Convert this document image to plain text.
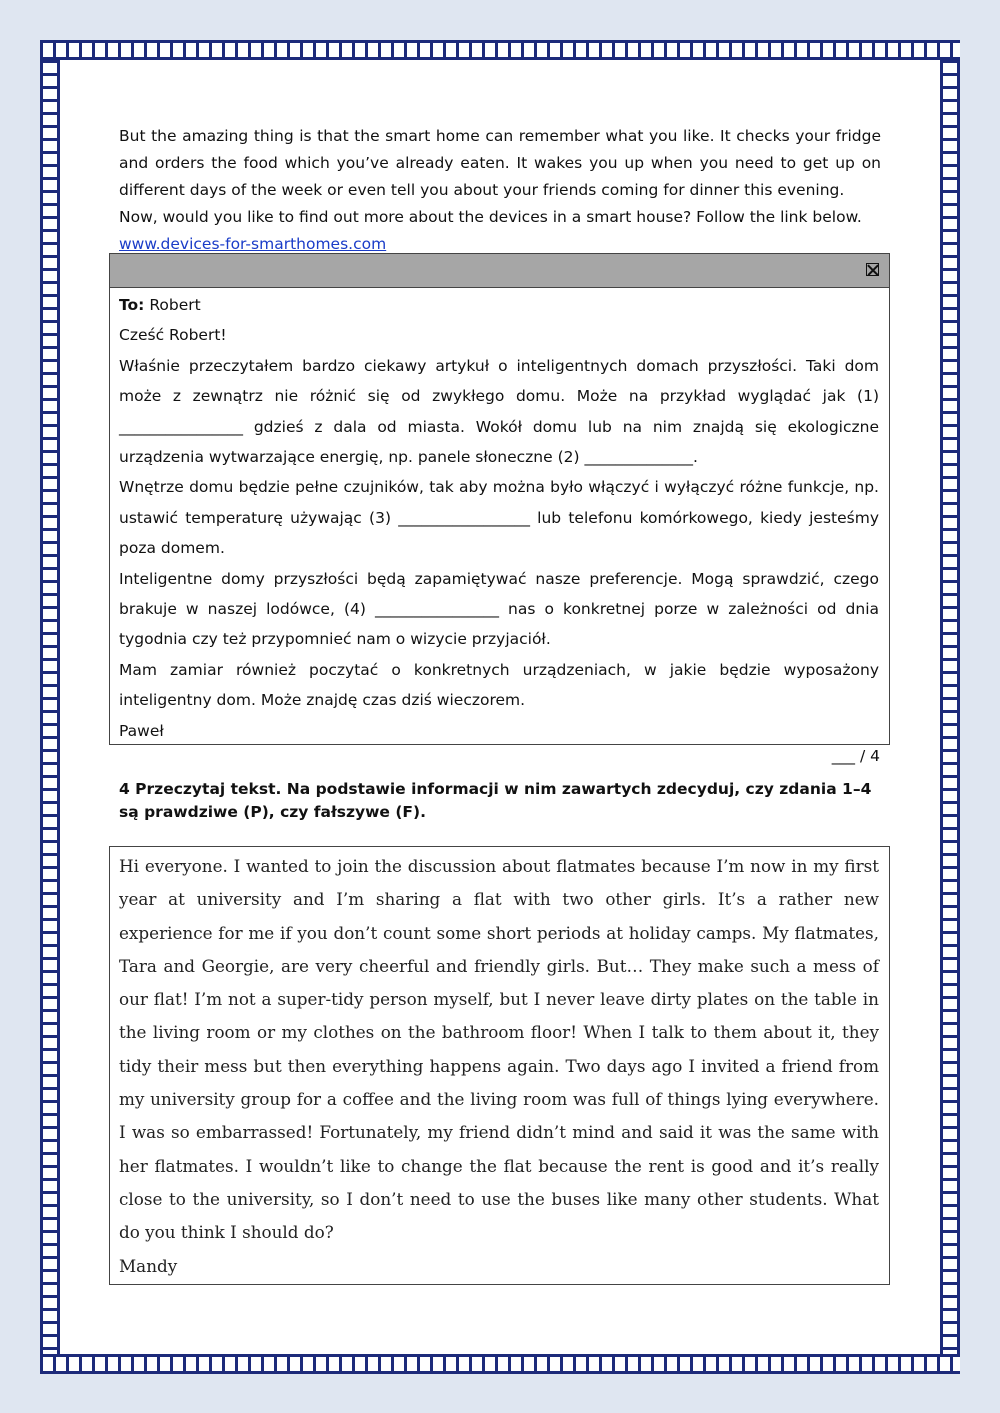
But the amazing thing is that the smart home can remember what you like. It checks your fridge and orders the food which you’ve already eaten. It wakes you up when you need to get up on different days of the week or even tell you about your friends coming for dinner this evening.

Now, would you like to find out more about the devices in a smart house? Follow the link below.

www.devices-for-smarthomes.com

To: Robert

Cześć Robert!

Właśnie przeczytałem bardzo ciekawy artykuł o inteligentnych domach przyszłości. Taki dom może z zewnątrz nie różnić się od zwykłego domu. Może na przykład wyglądać jak (1) ________________ gdzieś z dala od miasta. Wokół domu lub na nim znajdą się ekologiczne urządzenia wytwarzające energię, np. panele słoneczne (2) ______________.

Wnętrze domu będzie pełne czujników, tak aby można było włączyć i wyłączyć różne funkcje, np. ustawić temperaturę używając (3) _________________ lub telefonu komórkowego, kiedy jesteśmy poza domem.

Inteligentne domy przyszłości będą zapamiętywać nasze preferencje. Mogą sprawdzić, czego brakuje w naszej lodówce, (4) ________________ nas o konkretnej porze w zależności od dnia tygodnia czy też przypomnieć nam o wizycie przyjaciół.

Mam zamiar również poczytać o konkretnych urządzeniach, w jakie będzie wyposażony inteligentny dom. Może znajdę czas dziś wieczorem.

Paweł

___ / 4
4 Przeczytaj tekst. Na podstawie informacji w nim zawartych zdecyduj, czy zdania 1–4 są prawdziwe (P), czy fałszywe (F).

Hi everyone. I wanted to join the discussion about flatmates because I’m now in my first year at university and I’m sharing a flat with two other girls. It’s a rather new experience for me if you don’t count some short periods at holiday camps. My flatmates, Tara and Georgie, are very cheerful and friendly girls. But… They make such a mess of our flat! I’m not a super-tidy person myself, but I never leave dirty plates on the table in the living room or my clothes on the bathroom floor! When I talk to them about it, they tidy their mess but then everything happens again. Two days ago I invited a friend from my university group for a coffee and the living room was full of things lying everywhere. I was so embarrassed! Fortunately, my friend didn’t mind and said it was the same with her flatmates. I wouldn’t like to change the flat because the rent is good and it’s really close to the university, so I don’t need to use the buses like many other students. What do you think I should do?

Mandy
